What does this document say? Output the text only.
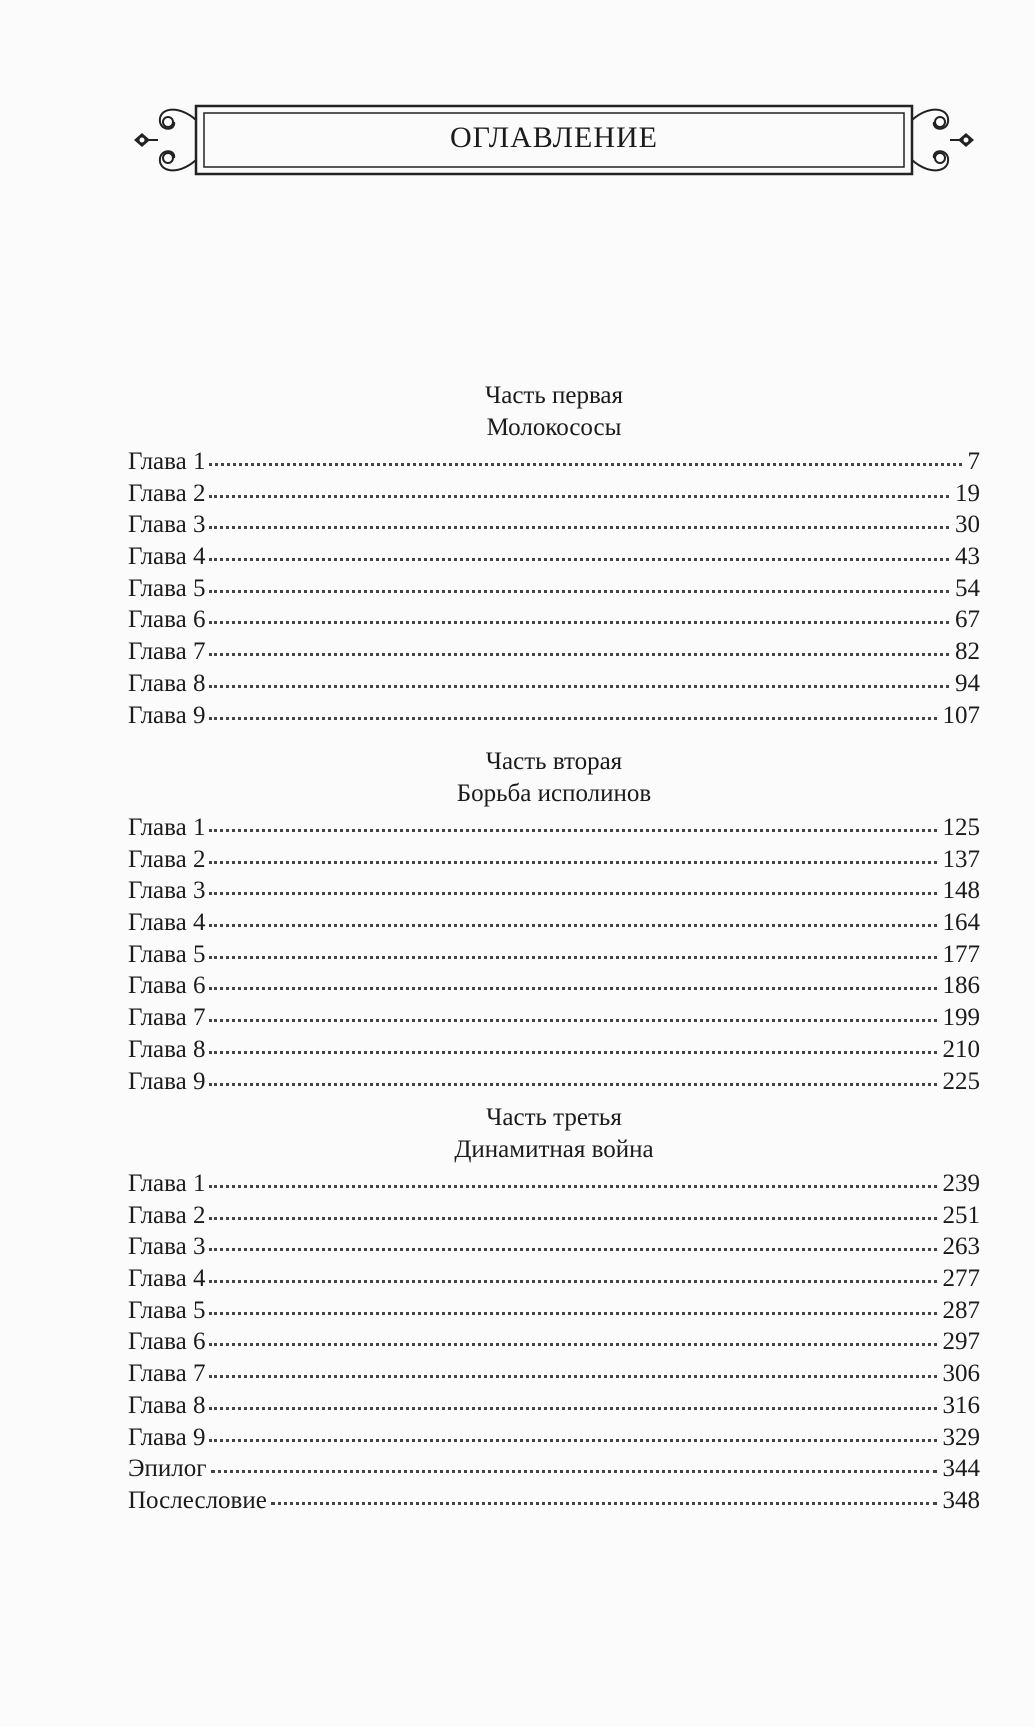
ОГЛАВЛЕНИЕ
Часть первая
Молокососы
Глава 1	7
Глава 2	19
Глава 3	30
Глава 4	43
Глава 5	54
Глава 6	67
Глава 7	82
Глава 8	94
Глава 9	107
Часть вторая
Борьба исполинов
Глава 1	125
Глава 2	137
Глава 3	148
Глава 4	164
Глава 5	177
Глава 6	186
Глава 7	199
Глава 8	210
Глава 9	225
Часть третья
Динамитная война
Глава 1	239
Глава 2	251
Глава 3	263
Глава 4	277
Глава 5	287
Глава 6	297
Глава 7	306
Глава 8	316
Глава 9	329
Эпилог	344
Послесловие	348
